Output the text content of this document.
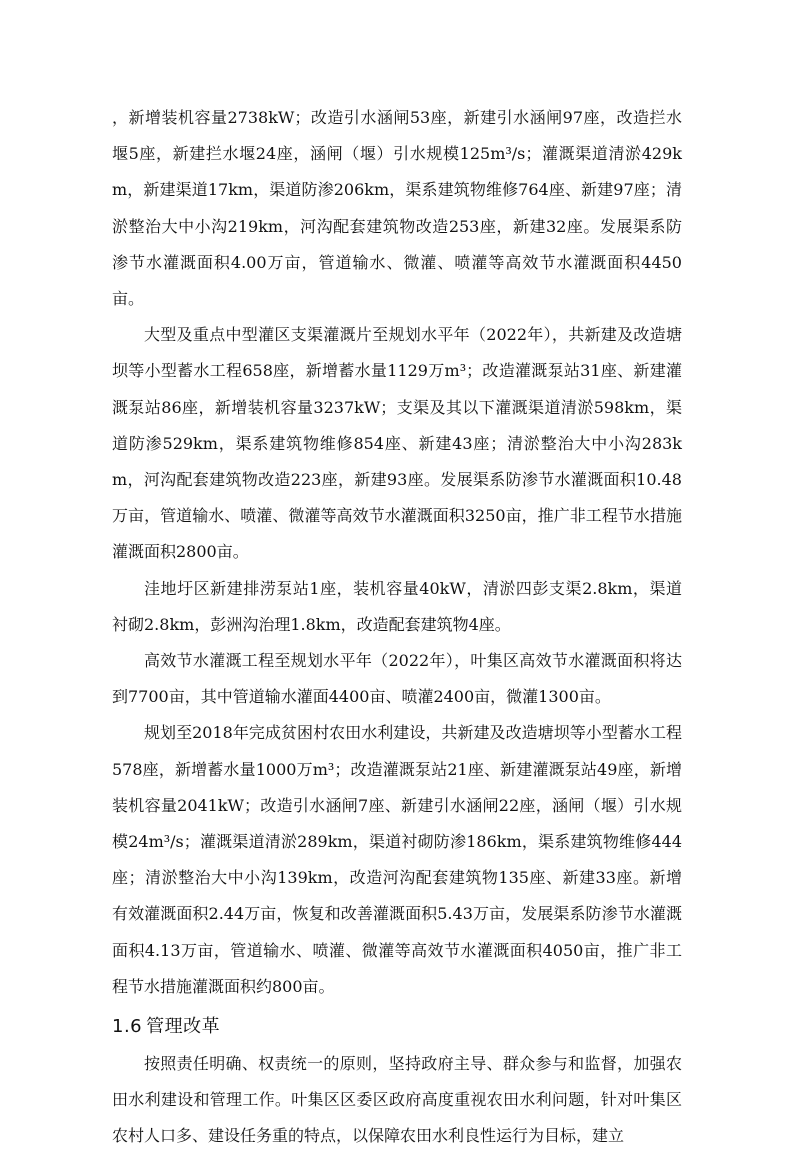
，新增装机容量2738kW；改造引水涵闸53座，新建引水涵闸97座，改造拦水堰5座，新建拦水堰24座，涵闸（堰）引水规模125m³/s；灌溉渠道清淤429km，新建渠道17km，渠道防渗206km，渠系建筑物维修764座、新建97座；清淤整治大中小沟219km，河沟配套建筑物改造253座，新建32座。发展渠系防渗节水灌溉面积4.00万亩，管道输水、微灌、喷灌等高效节水灌溉面积4450亩。

大型及重点中型灌区支渠灌溉片至规划水平年（2022年），共新建及改造塘坝等小型蓄水工程658座，新增蓄水量1129万m³；改造灌溉泵站31座、新建灌溉泵站86座，新增装机容量3237kW；支渠及其以下灌溉渠道清淤598km，渠道防渗529km，渠系建筑物维修854座、新建43座；清淤整治大中小沟283km，河沟配套建筑物改造223座，新建93座。发展渠系防渗节水灌溉面积10.48万亩，管道输水、喷灌、微灌等高效节水灌溉面积3250亩，推广非工程节水措施灌溉面积2800亩。

洼地圩区新建排涝泵站1座，装机容量40kW，清淤四彭支渠2.8km，渠道衬砌2.8km，彭洲沟治理1.8km，改造配套建筑物4座。

高效节水灌溉工程至规划水平年（2022年），叶集区高效节水灌溉面积将达到7700亩，其中管道输水灌面4400亩、喷灌2400亩，微灌1300亩。

规划至2018年完成贫困村农田水利建设，共新建及改造塘坝等小型蓄水工程578座，新增蓄水量1000万m³；改造灌溉泵站21座、新建灌溉泵站49座，新增装机容量2041kW；改造引水涵闸7座、新建引水涵闸22座，涵闸（堰）引水规模24m³/s；灌溉渠道清淤289km，渠道衬砌防渗186km，渠系建筑物维修444座；清淤整治大中小沟139km，改造河沟配套建筑物135座、新建33座。新增有效灌溉面积2.44万亩，恢复和改善灌溉面积5.43万亩，发展渠系防渗节水灌溉面积4.13万亩，管道输水、喷灌、微灌等高效节水灌溉面积4050亩，推广非工程节水措施灌溉面积约800亩。

1.6 管理改革

按照责任明确、权责统一的原则，坚持政府主导、群众参与和监督，加强农田水利建设和管理工作。叶集区区委区政府高度重视农田水利问题，针对叶集区农村人口多、建设任务重的特点，以保障农田水利良性运行为目标，建立
